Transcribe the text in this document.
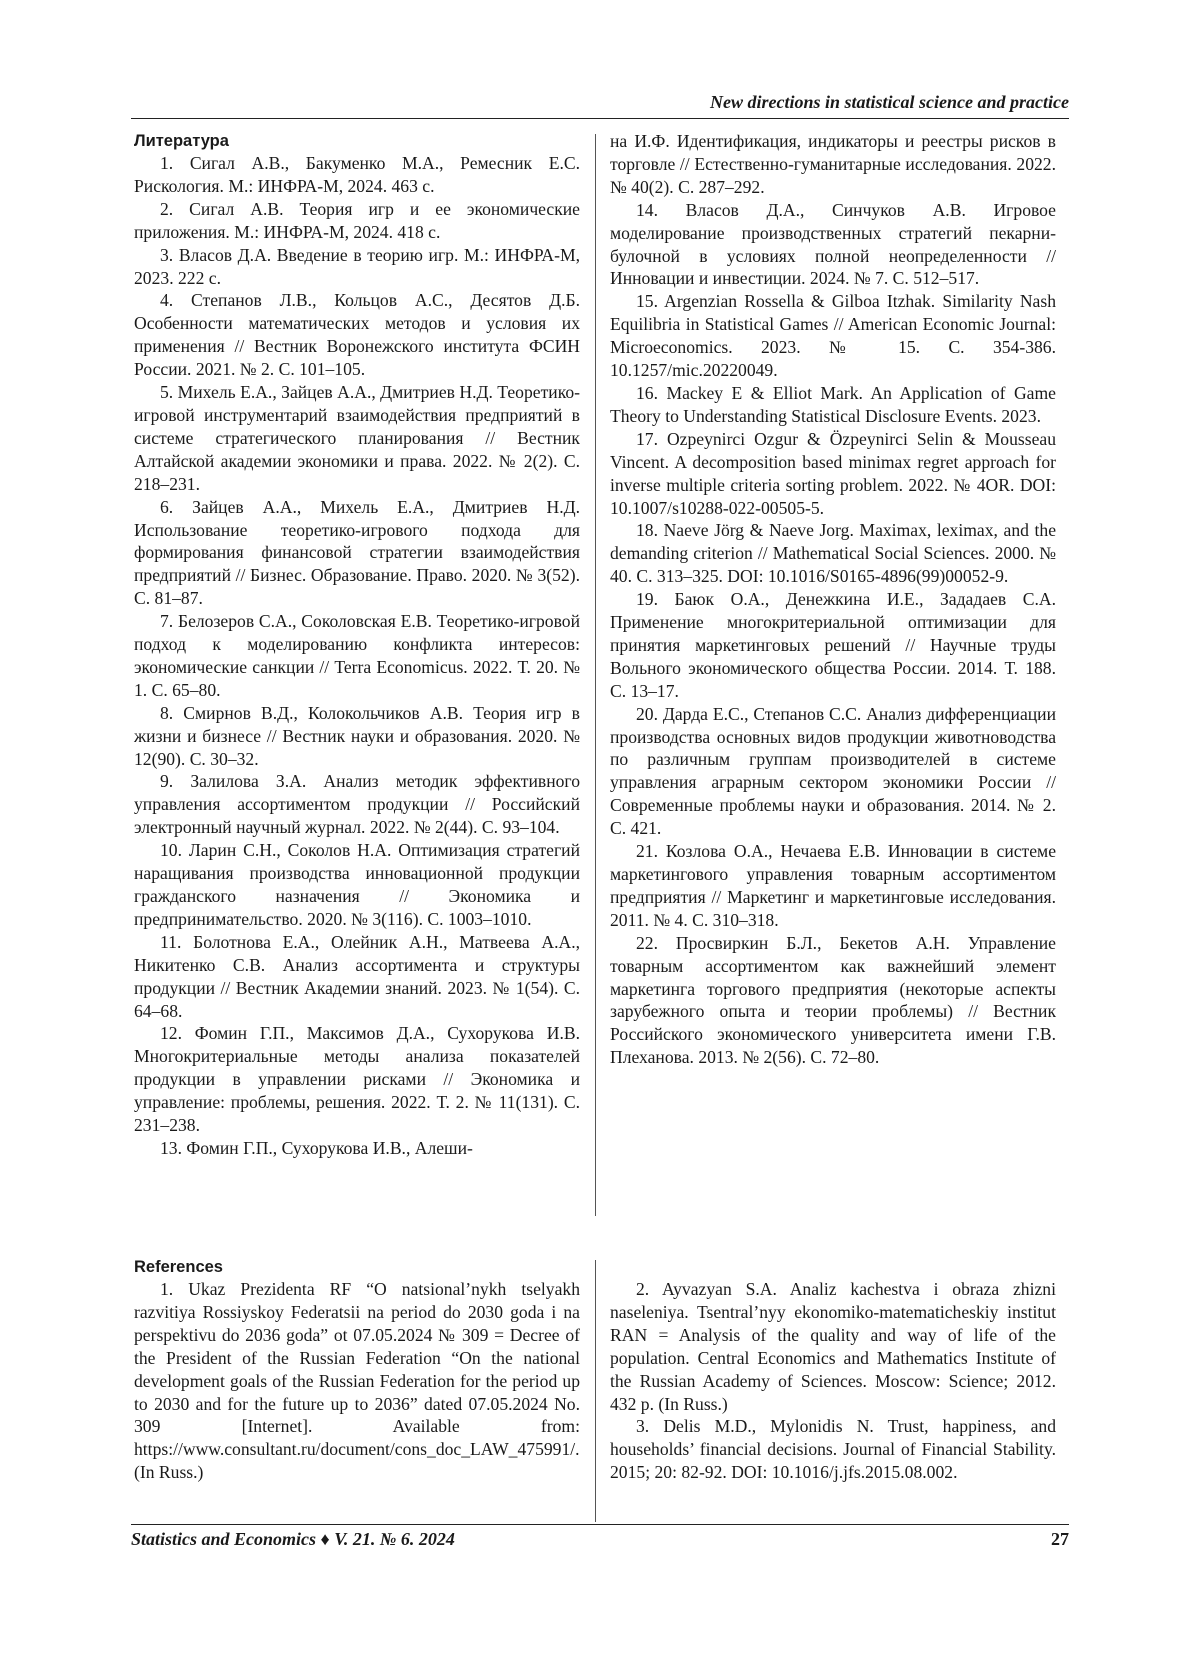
New directions in statistical science and practice
Литература

1. Сигал А.В., Бакуменко М.А., Ремесник Е.С. Рискология. М.: ИНФРА-М, 2024. 463 с.

2. Сигал А.В. Теория игр и ее экономические приложения. М.: ИНФРА-М, 2024. 418 с.

3. Власов Д.А. Введение в теорию игр. М.: ИНФРА-М, 2023. 222 с.

4. Степанов Л.В., Кольцов А.С., Десятов Д.Б. Особенности математических методов и условия их применения // Вестник Воронежского института ФСИН России. 2021. № 2. С. 101–105.

5. Михель Е.А., Зайцев А.А., Дмитриев Н.Д. Теоретико-игровой инструментарий взаимодействия предприятий в системе стратегического планирования // Вестник Алтайской академии экономики и права. 2022. № 2(2). С. 218–231.

6. Зайцев А.А., Михель Е.А., Дмитриев Н.Д. Использование теоретико-игрового подхода для формирования финансовой стратегии взаимодействия предприятий // Бизнес. Образование. Право. 2020. № 3(52). С. 81–87.

7. Белозеров С.А., Соколовская Е.В. Теоретико-игровой подход к моделированию конфликта интересов: экономические санкции // Terra Economicus. 2022. Т. 20. № 1. С. 65–80.

8. Смирнов В.Д., Колокольчиков А.В. Теория игр в жизни и бизнесе // Вестник науки и образования. 2020. № 12(90). С. 30–32.

9. Залилова З.А. Анализ методик эффективного управления ассортиментом продукции // Российский электронный научный журнал. 2022. № 2(44). С. 93–104.

10. Ларин С.Н., Соколов Н.А. Оптимизация стратегий наращивания производства инновационной продукции гражданского назначения // Экономика и предпринимательство. 2020. № 3(116). С. 1003–1010.

11. Болотнова Е.А., Олейник А.Н., Матвеева А.А., Никитенко С.В. Анализ ассортимента и структуры продукции // Вестник Академии знаний. 2023. № 1(54). С. 64–68.

12. Фомин Г.П., Максимов Д.А., Сухорукова И.В. Многокритериальные методы анализа показателей продукции в управлении рисками // Экономика и управление: проблемы, решения. 2022. Т. 2. № 11(131). С. 231–238.

13. Фомин Г.П., Сухорукова И.В., Алеши-

на И.Ф. Идентификация, индикаторы и реестры рисков в торговле // Естественно-гуманитарные исследования. 2022. № 40(2). С. 287–292.

14. Власов Д.А., Синчуков А.В. Игровое моделирование производственных стратегий пекарни-булочной в условиях полной неопределенности // Инновации и инвестиции. 2024. № 7. С. 512–517.

15. Argenzian Rossella & Gilboa Itzhak. Similarity Nash Equilibria in Statistical Games // American Economic Journal: Microeconomics. 2023. № 15. С. 354-386. 10.1257/mic.20220049.

16. Mackey E & Elliot Mark. An Application of Game Theory to Understanding Statistical Disclosure Events. 2023.

17. Ozpeynirci Ozgur & Özpeynirci Selin & Mousseau Vincent. A decomposition based minimax regret approach for inverse multiple criteria sorting problem. 2022. № 4OR. DOI: 10.1007/s10288-022-00505-5.

18. Naeve Jörg & Naeve Jorg. Maximax, leximax, and the demanding criterion // Mathematical Social Sciences. 2000. № 40. С. 313–325. DOI: 10.1016/S0165-4896(99)00052-9.

19. Баюк О.А., Денежкина И.Е., Зададаев С.А. Применение многокритериальной оптимизации для принятия маркетинговых решений // Научные труды Вольного экономического общества России. 2014. Т. 188. С. 13–17.

20. Дарда Е.С., Степанов С.С. Анализ дифференциации производства основных видов продукции животноводства по различным группам производителей в системе управления аграрным сектором экономики России // Современные проблемы науки и образования. 2014. № 2. С. 421.

21. Козлова О.А., Нечаева Е.В. Инновации в системе маркетингового управления товарным ассортиментом предприятия // Маркетинг и маркетинговые исследования. 2011. № 4. С. 310–318.

22. Просвиркин Б.Л., Бекетов А.Н. Управление товарным ассортиментом как важнейший элемент маркетинга торгового предприятия (некоторые аспекты зарубежного опыта и теории проблемы) // Вестник Российского экономического университета имени Г.В. Плеханова. 2013. № 2(56). С. 72–80.

References

1. Ukaz Prezidenta RF “O natsional’nykh tselyakh razvitiya Rossiyskoy Federatsii na period do 2030 goda i na perspektivu do 2036 goda” ot 07.05.2024 № 309 = Decree of the President of the Russian Federation “On the national development goals of the Russian Federation for the period up to 2030 and for the future up to 2036” dated 07.05.2024 No. 309 [Internet]. Available from: https://www.consultant.ru/document/cons_doc_LAW_475991/. (In Russ.)

2. Ayvazyan S.A. Analiz kachestva i obraza zhizni naseleniya. Tsentral’nyy ekonomiko-matematicheskiy institut RAN = Analysis of the quality and way of life of the population. Central Economics and Mathematics Institute of the Russian Academy of Sciences. Moscow: Science; 2012. 432 p. (In Russ.)

3. Delis M.D., Mylonidis N. Trust, happiness, and households’ financial decisions. Journal of Financial Stability. 2015; 20: 82-92. DOI: 10.1016/j.jfs.2015.08.002.

Statistics and Economics ♦ V. 21. № 6. 2024	27
